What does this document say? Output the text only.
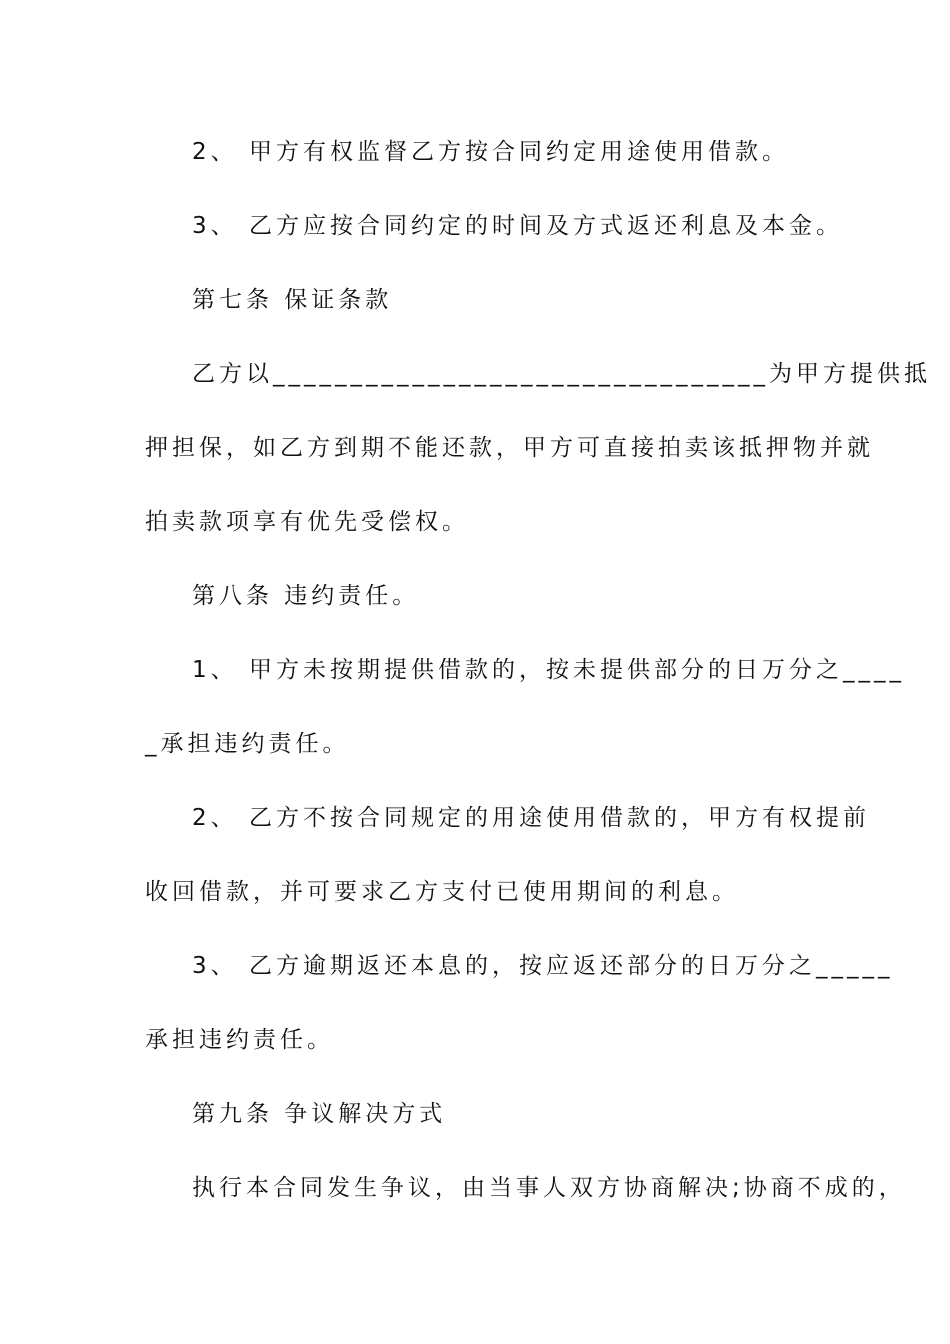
2、 甲方有权监督乙方按合同约定用途使用借款。
3、 乙方应按合同约定的时间及方式返还利息及本金。
第七条 保证条款
乙方以________________________________为甲方提供抵
押担保，如乙方到期不能还款，甲方可直接拍卖该抵押物并就
拍卖款项享有优先受偿权。
第八条 违约责任。
1、 甲方未按期提供借款的，按未提供部分的日万分之____
_承担违约责任。
2、 乙方不按合同规定的用途使用借款的，甲方有权提前
收回借款，并可要求乙方支付已使用期间的利息。
3、 乙方逾期返还本息的，按应返还部分的日万分之_____
承担违约责任。
第九条 争议解决方式
执行本合同发生争议，由当事人双方协商解决;协商不成的，
